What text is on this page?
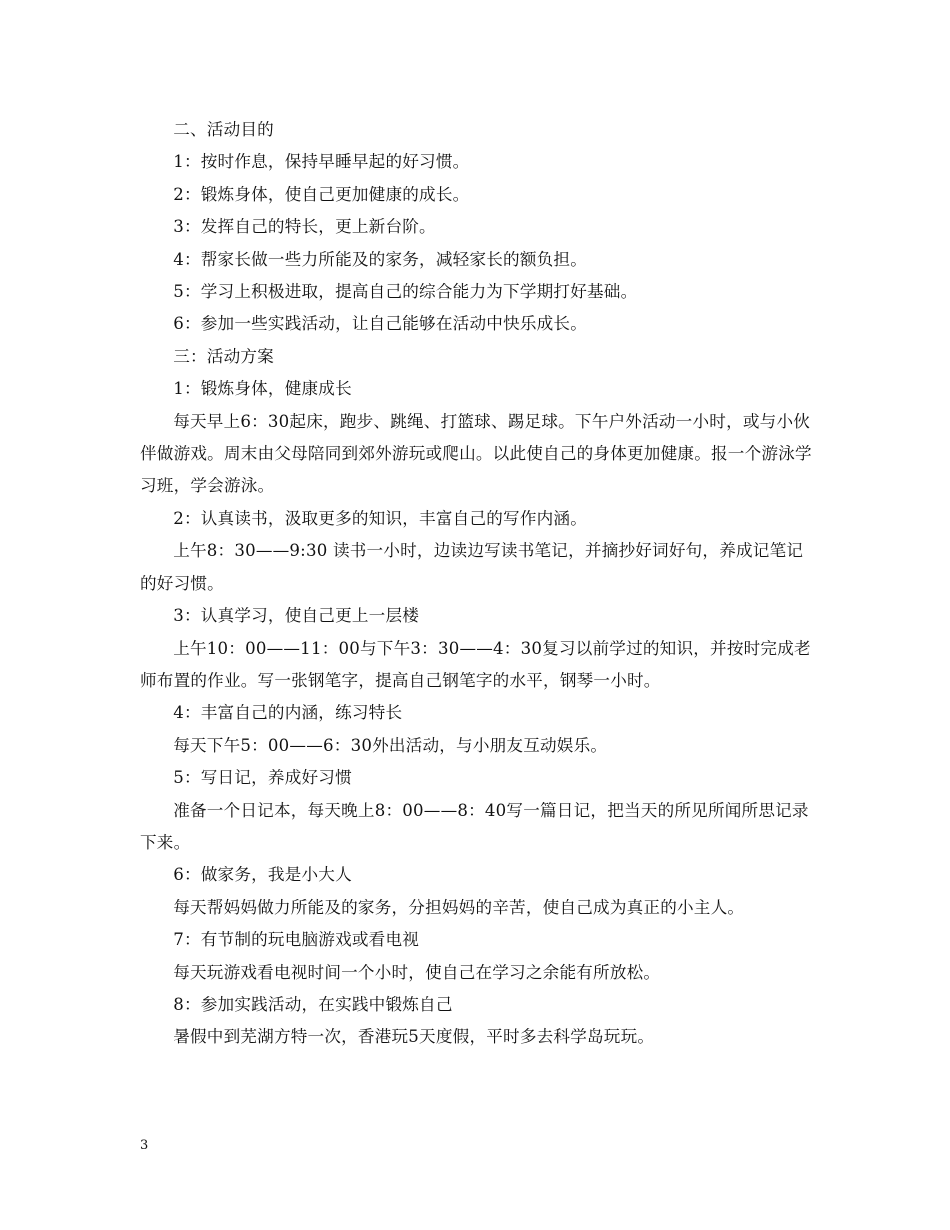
二、活动目的

1：按时作息，保持早睡早起的好习惯。

2：锻炼身体，使自己更加健康的成长。

3：发挥自己的特长，更上新台阶。

4：帮家长做一些力所能及的家务，减轻家长的额负担。

5：学习上积极进取，提高自己的综合能力为下学期打好基础。

6：参加一些实践活动，让自己能够在活动中快乐成长。

三：活动方案

1：锻炼身体，健康成长

每天早上6：30起床，跑步、跳绳、打篮球、踢足球。下午户外活动一小时，或与小伙伴做游戏。周末由父母陪同到郊外游玩或爬山。以此使自己的身体更加健康。报一个游泳学习班，学会游泳。

2：认真读书，汲取更多的知识，丰富自己的写作内涵。

上午8：30——9:30 读书一小时，边读边写读书笔记，并摘抄好词好句，养成记笔记的好习惯。

3：认真学习，使自己更上一层楼

上午10：00——11：00与下午3：30——4：30复习以前学过的知识，并按时完成老师布置的作业。写一张钢笔字，提高自己钢笔字的水平，钢琴一小时。

4：丰富自己的内涵，练习特长

每天下午5：00——6：30外出活动，与小朋友互动娱乐。

5：写日记，养成好习惯

准备一个日记本，每天晚上8：00——8：40写一篇日记，把当天的所见所闻所思记录下来。

6：做家务，我是小大人

每天帮妈妈做力所能及的家务，分担妈妈的辛苦，使自己成为真正的小主人。

7：有节制的玩电脑游戏或看电视

每天玩游戏看电视时间一个小时，使自己在学习之余能有所放松。

8：参加实践活动，在实践中锻炼自己

暑假中到芜湖方特一次，香港玩5天度假，平时多去科学岛玩玩。

3
